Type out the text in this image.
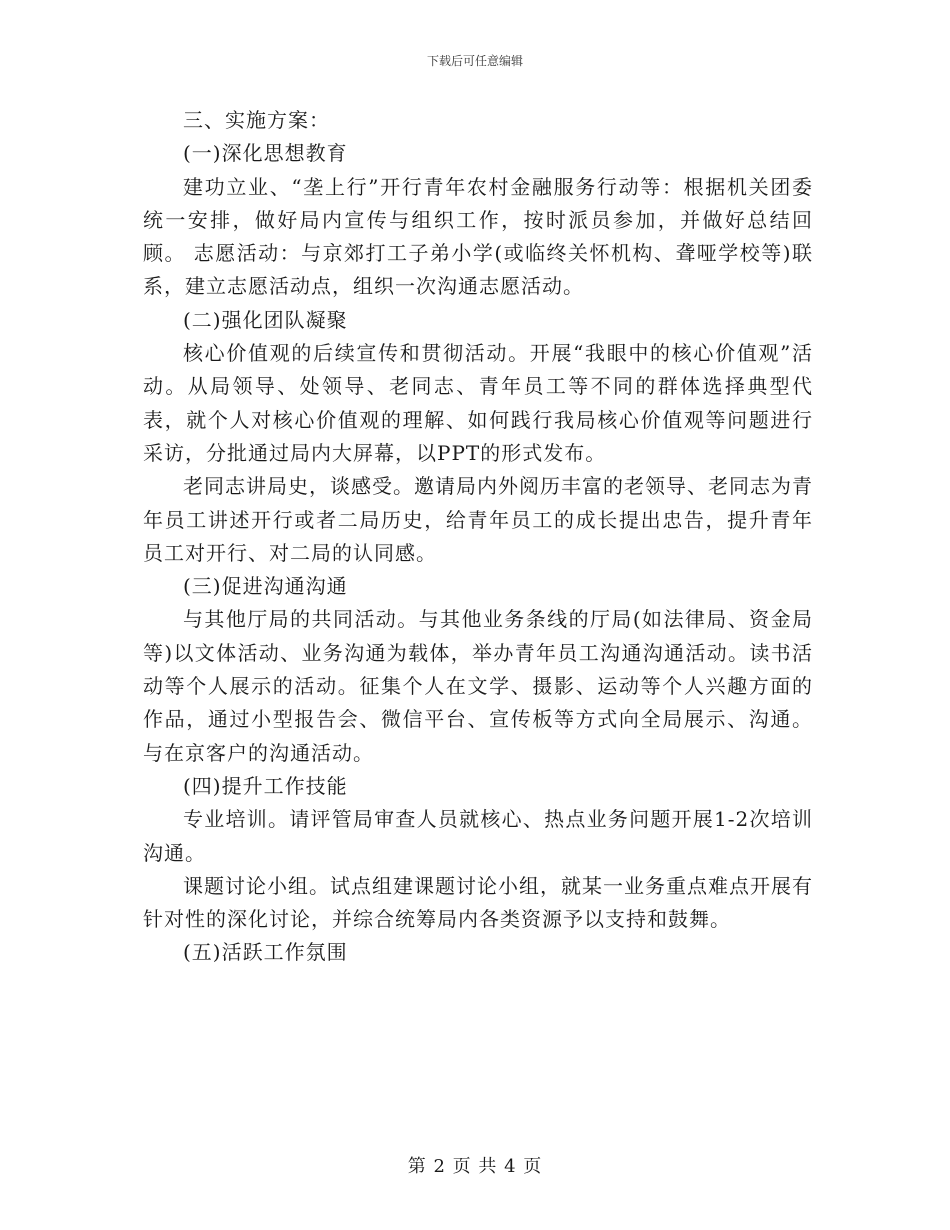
下载后可任意编辑

三、实施方案：

(一)深化思想教育

建功立业、“垄上行”开行青年农村金融服务行动等：根据机关团委统一安排，做好局内宣传与组织工作，按时派员参加，并做好总结回顾。 志愿活动：与京郊打工子弟小学(或临终关怀机构、聋哑学校等)联系，建立志愿活动点，组织一次沟通志愿活动。

(二)强化团队凝聚

核心价值观的后续宣传和贯彻活动。开展“我眼中的核心价值观”活动。从局领导、处领导、老同志、青年员工等不同的群体选择典型代表，就个人对核心价值观的理解、如何践行我局核心价值观等问题进行采访，分批通过局内大屏幕，以PPT的形式发布。

老同志讲局史，谈感受。邀请局内外阅历丰富的老领导、老同志为青年员工讲述开行或者二局历史，给青年员工的成长提出忠告，提升青年员工对开行、对二局的认同感。

(三)促进沟通沟通

与其他厅局的共同活动。与其他业务条线的厅局(如法律局、资金局等)以文体活动、业务沟通为载体，举办青年员工沟通沟通活动。读书活动等个人展示的活动。征集个人在文学、摄影、运动等个人兴趣方面的作品，通过小型报告会、微信平台、宣传板等方式向全局展示、沟通。与在京客户的沟通活动。

(四)提升工作技能

专业培训。请评管局审查人员就核心、热点业务问题开展1-2次培训沟通。

课题讨论小组。试点组建课题讨论小组，就某一业务重点难点开展有针对性的深化讨论，并综合统筹局内各类资源予以支持和鼓舞。

(五)活跃工作氛围

第 2 页 共 4 页
